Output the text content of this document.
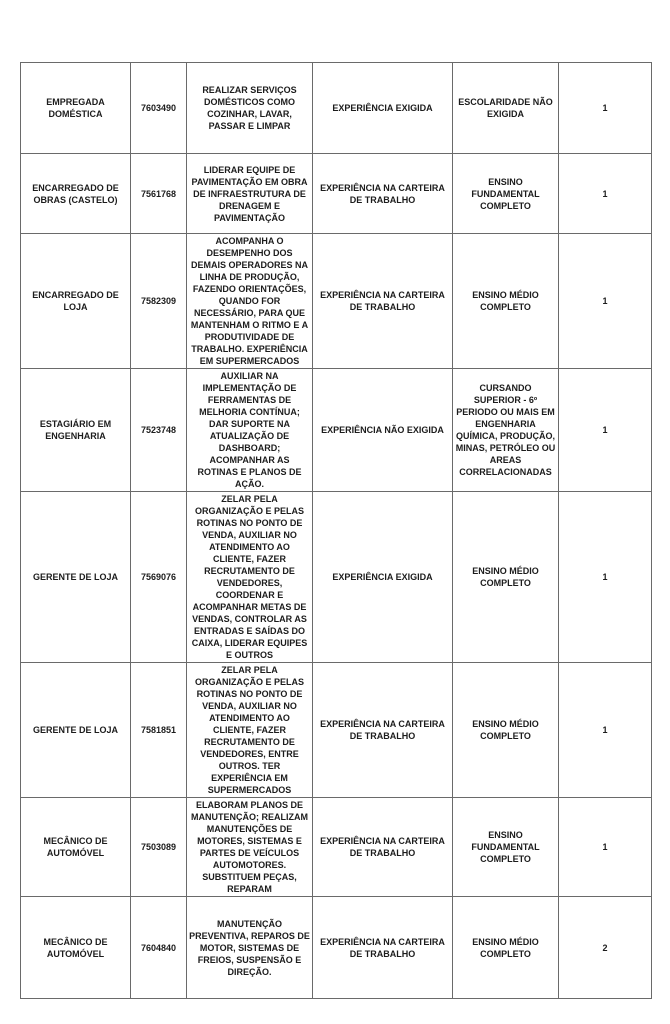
EMPREGADA DOMÉSTICA	7603490	REALIZAR SERVIÇOS DOMÉSTICOS COMO COZINHAR, LAVAR, PASSAR E LIMPAR	EXPERIÊNCIA EXIGIDA	ESCOLARIDADE NÃO EXIGIDA	1
ENCARREGADO DE OBRAS (CASTELO)	7561768	LIDERAR EQUIPE DE PAVIMENTAÇÃO EM OBRA DE INFRAESTRUTURA DE DRENAGEM E PAVIMENTAÇÃO	EXPERIÊNCIA NA CARTEIRA DE TRABALHO	ENSINO FUNDAMENTAL COMPLETO	1
ENCARREGADO DE LOJA	7582309	ACOMPANHA O DESEMPENHO DOS DEMAIS OPERADORES NA LINHA DE PRODUÇÃO, FAZENDO ORIENTAÇÕES, QUANDO FOR NECESSÁRIO, PARA QUE MANTENHAM O RITMO E A PRODUTIVIDADE DE TRABALHO. EXPERIÊNCIA EM SUPERMERCADOS	EXPERIÊNCIA NA CARTEIRA DE TRABALHO	ENSINO MÉDIO COMPLETO	1
ESTAGIÁRIO EM ENGENHARIA	7523748	AUXILIAR NA IMPLEMENTAÇÃO DE FERRAMENTAS DE MELHORIA CONTÍNUA; DAR SUPORTE NA ATUALIZAÇÃO DE DASHBOARD; ACOMPANHAR AS ROTINAS E PLANOS DE AÇÃO.	EXPERIÊNCIA NÃO EXIGIDA	CURSANDO SUPERIOR - 6º PERIODO OU MAIS EM ENGENHARIA QUÍMICA, PRODUÇÃO, MINAS, PETRÓLEO OU AREAS CORRELACIONADAS	1
GERENTE DE LOJA	7569076	ZELAR PELA ORGANIZAÇÃO E PELAS ROTINAS NO PONTO DE VENDA, AUXILIAR NO ATENDIMENTO AO CLIENTE, FAZER RECRUTAMENTO DE VENDEDORES, COORDENAR E ACOMPANHAR METAS DE VENDAS, CONTROLAR AS ENTRADAS E SAÍDAS DO CAIXA, LIDERAR EQUIPES E OUTROS	EXPERIÊNCIA EXIGIDA	ENSINO MÉDIO COMPLETO	1
GERENTE DE LOJA	7581851	ZELAR PELA ORGANIZAÇÃO E PELAS ROTINAS NO PONTO DE VENDA, AUXILIAR NO ATENDIMENTO AO CLIENTE, FAZER RECRUTAMENTO DE VENDEDORES, ENTRE OUTROS. TER EXPERIÊNCIA EM SUPERMERCADOS	EXPERIÊNCIA NA CARTEIRA DE TRABALHO	ENSINO MÉDIO COMPLETO	1
MECÂNICO DE AUTOMÓVEL	7503089	ELABORAM PLANOS DE MANUTENÇÃO; REALIZAM MANUTENÇÕES DE MOTORES, SISTEMAS E PARTES DE VEÍCULOS AUTOMOTORES. SUBSTITUEM PEÇAS, REPARAM	EXPERIÊNCIA NA CARTEIRA DE TRABALHO	ENSINO FUNDAMENTAL COMPLETO	1
MECÂNICO DE AUTOMÓVEL	7604840	MANUTENÇÃO PREVENTIVA, REPAROS DE MOTOR, SISTEMAS DE FREIOS, SUSPENSÃO E DIREÇÃO.	EXPERIÊNCIA NA CARTEIRA DE TRABALHO	ENSINO MÉDIO COMPLETO	2
